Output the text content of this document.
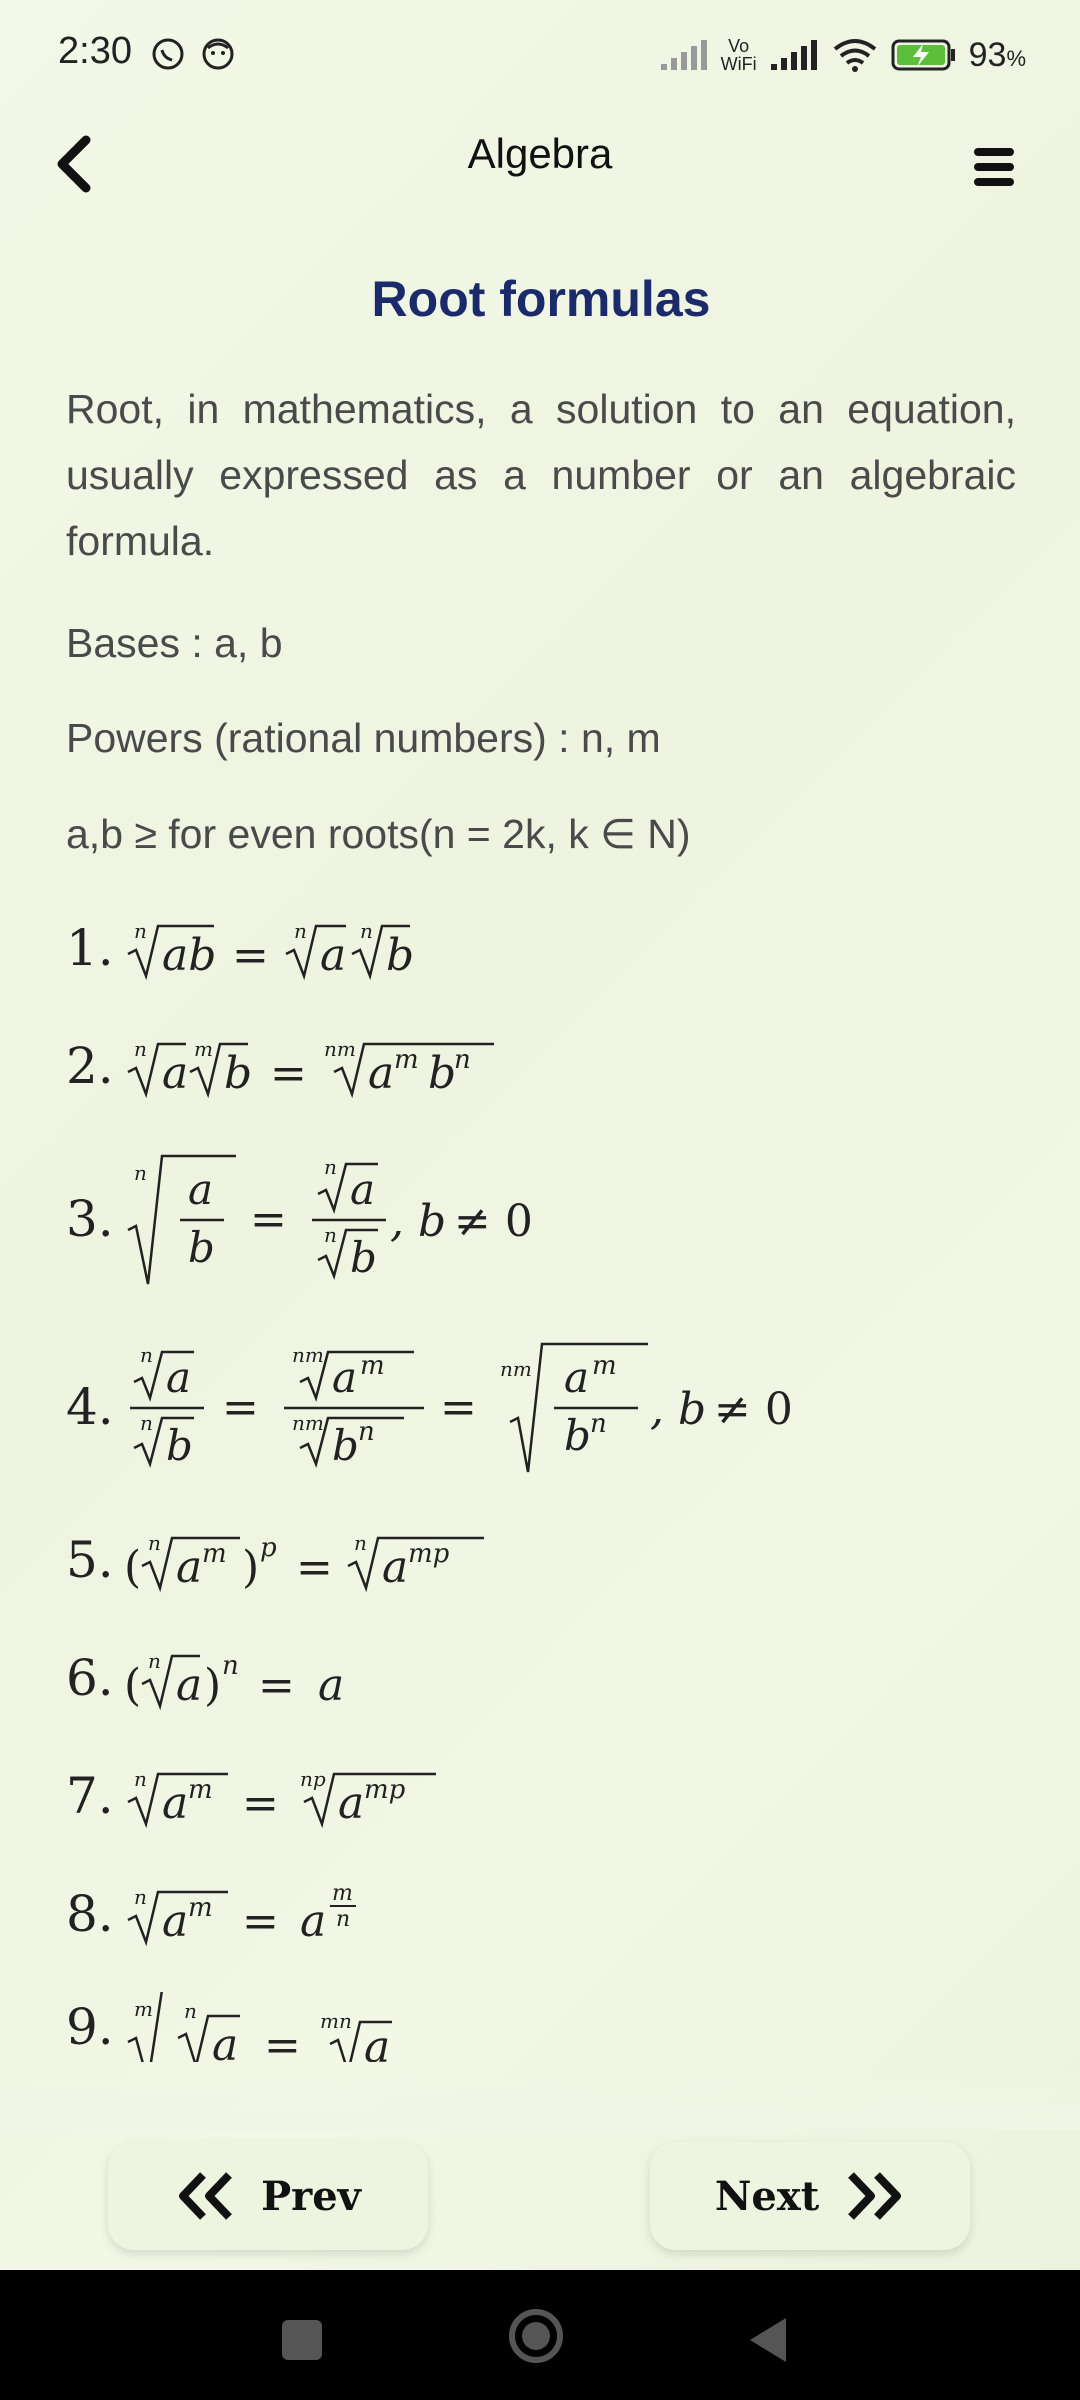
2:30	Vo
WiFi	93%
Algebra
Root formulas
Root, in mathematics, a solution to an equation, usually expressed as a number or an algebraic formula.
Bases : a, b
Powers (rational numbers) : n, m
a,b ≥ for even roots(n = 2k, k ∈ N)
1. n ab = n a n b
2. n a m b = nm a m b
n
3.
n a
b
=
n a
n b
, b ≠ 0
4.
n a
n b
=
nm a m
nm b n =
nm a m
b n , b ≠ 0
5. ( n a m ) p = n a mp
6. ( n a ) n = a
7. n a m = np a mp
8. n a m = a
m
n
9. m n
a = mn
a
Prev	Next
